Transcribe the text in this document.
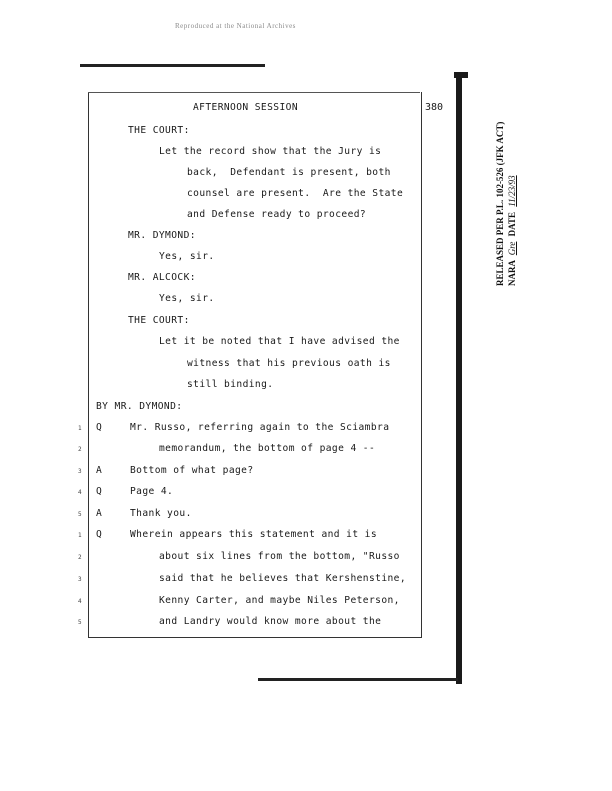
Reproduced at the National Archives
380
RELEASED PER P.L. 102-526 (JFK ACT) NARA Gre DATE 11/23/93
AFTERNOON SESSION
THE COURT:
Let the record show that the Jury is
back,  Defendant is present, both
counsel are present.  Are the State
and Defense ready to proceed?
MR. DYMOND:
Yes, sir.
MR. ALCOCK:
Yes, sir.
THE COURT:
Let it be noted that I have advised the
witness that his previous oath is
still binding.
BY MR. DYMOND:
Q	Mr. Russo, referring again to the Sciambra
memorandum, the bottom of page 4 --
A	Bottom of what page?
Q	Page 4.
A	Thank you.
Q	Wherein appears this statement and it is
about six lines from the bottom, "Russo
said that he believes that Kershenstine,
Kenny Carter, and maybe Niles Peterson,
and Landry would know more about the
1
2
3
4
5
1
2
3
4
5
